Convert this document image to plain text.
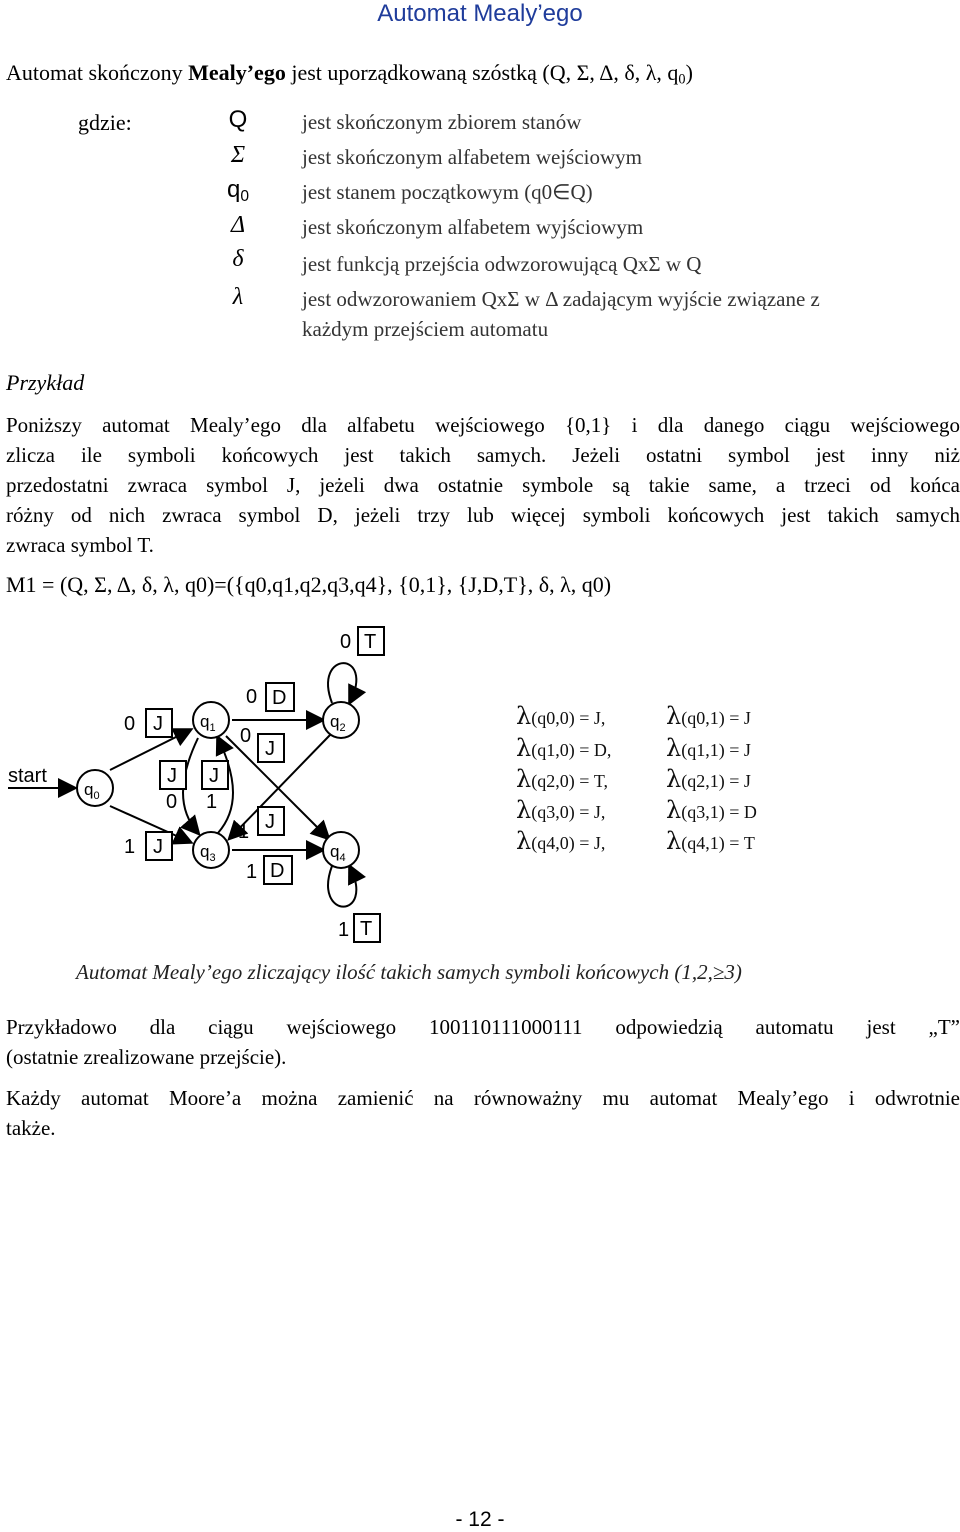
Automat Mealy’ego
Automat skończony Mealy’ego jest uporządkowaną szóstką (Q, Σ, Δ, δ, λ, $q_0$)
gdzie:	Q	jest skończonym zbiorem stanów
Σ	jest skończonym alfabetem wejściowym
$q_0$	jest stanem początkowym (q0∈Q)
Δ	jest skończonym alfabetem wyjściowym
δ	jest funkcją przejścia odwzorowującą QxΣ w Q
λ	jest odwzorowaniem QxΣ w Δ zadającym wyjście związane z
każdym przejściem automatu
Przykład
Poniższy automat Mealy’ego dla alfabetu wejściowego {0,1} i dla danego ciągu wejściowego
zlicza ile symboli końcowych jest takich samych. Jeżeli ostatni symbol jest inny niż
przedostatni zwraca symbol J, jeżeli dwa ostatnie symbole są takie same, a trzeci od końca
różny od nich zwraca symbol D, jeżeli trzy lub więcej symboli końcowych jest takich samych
zwraca symbol T.
M1 = (Q, Σ, Δ, δ, λ, q0)=({q0,q1,q2,q3,q4}, {0,1}, {J,D,T}, δ, λ, q0)
start
$q_0$
$q_1$	$q_2$
$q_3$	$q_4$
0 J
1 J
0 D
0
J
0 T
J J
0 1
1 J
1 D
1 T
λ(q0,0) = J,	λ(q0,1) = J
λ(q1,0) = D, λ(q1,1) = J
λ(q2,0) = T, λ(q2,1) = J
λ(q3,0) = J,	λ(q3,1) = D
λ(q4,0) = J,	λ(q4,1) = T
Automat Mealy’ego zliczający ilość takich samych symboli końcowych (1,2,≥3)
Przykładowo dla ciągu wejściowego 100110111000111 odpowiedzią automatu jest „T”
(ostatnie zrealizowane przejście).
Każdy automat Moore’a można zamienić na równoważny mu automat Mealy’ego i odwrotnie
także.
- 12 -
